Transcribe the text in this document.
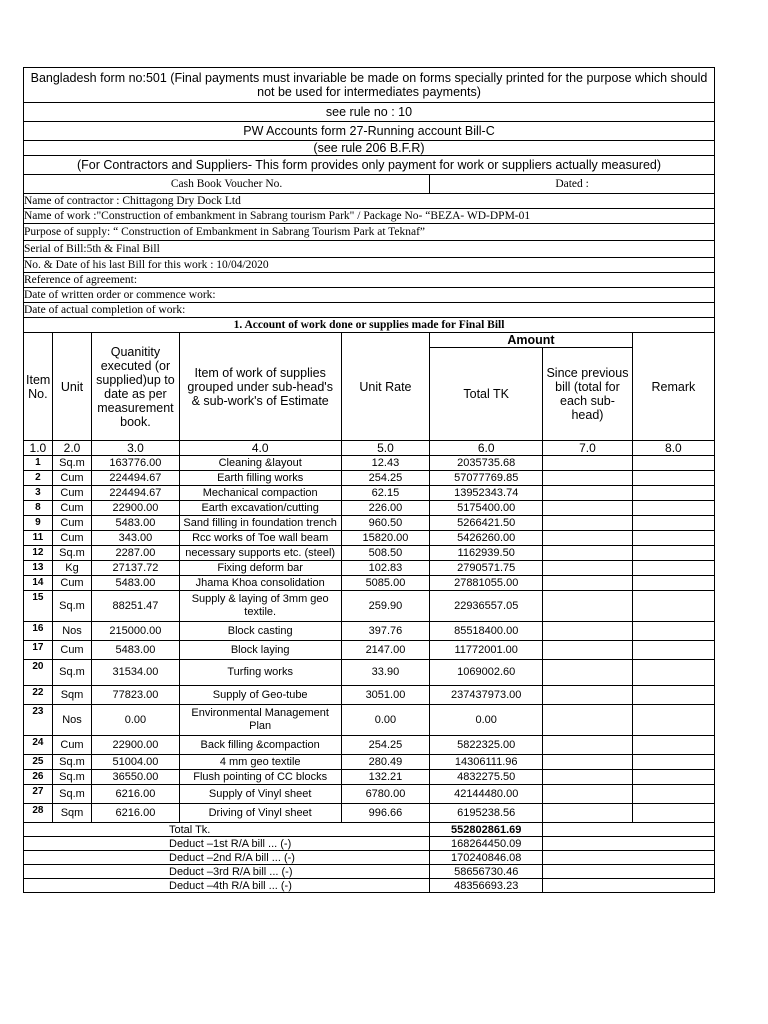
Bangladesh form no:501 (Final payments must invariable be made on forms specially printed for the purpose which should not be used for intermediates payments)							
see rule no : 10							
PW Accounts form 27-Running account Bill-C							
(see rule 206 B.F.R)							
(For Contractors and Suppliers- This form provides only payment for work or suppliers actually measured)							
Cash Book Voucher No.					Dated :		
Name of contractor : Chittagong Dry Dock Ltd							
Name of work :"Construction of embankment in Sabrang tourism Park" / Package No- “BEZA- WD-DPM-01							
Purpose of supply: “ Construction of Embankment in Sabrang Tourism Park at Teknaf”							
Serial of Bill:5th & Final Bill							
No. & Date of his last Bill for this work : 10/04/2020							
Reference of agreement:							
Date of written order or commence work:							
Date of actual completion of work:							
1. Account of work done or supplies made for Final Bill							
Item No.	Unit	Quanitity executed (or supplied)up to date as per measurement book.	Item of work of supplies grouped under sub-head's & sub-work's of Estimate	Unit Rate	Amount		Remark
					Total TK	Since previous bill (total for each sub-head)	
1.0	2.0	3.0	4.0	5.0	6.0	7.0	8.0
1	Sq.m	163776.00	Cleaning &layout	12.43	2035735.68		
2	Cum	224494.67	Earth filling works	254.25	57077769.85		
3	Cum	224494.67	Mechanical compaction	62.15	13952343.74		
8	Cum	22900.00	Earth excavation/cutting	226.00	5175400.00		
9	Cum	5483.00	Sand filling in foundation trench	960.50	5266421.50		
11	Cum	343.00	Rcc works of Toe wall beam	15820.00	5426260.00		
12	Sq.m	2287.00	necessary supports etc. (steel)	508.50	1162939.50		
13	Kg	27137.72	Fixing deform bar	102.83	2790571.75		
14	Cum	5483.00	Jhama Khoa consolidation	5085.00	27881055.00		
15	Sq.m	88251.47	Supply & laying of 3mm geo textile.	259.90	22936557.05		
16	Nos	215000.00	Block casting	397.76	85518400.00		
17	Cum	5483.00	Block laying	2147.00	11772001.00		
20	Sq.m	31534.00	Turfing works	33.90	1069002.60		
22	Sqm	77823.00	Supply of Geo-tube	3051.00	237437973.00		
23	Nos	0.00	Environmental Management Plan	0.00	0.00		
24	Cum	22900.00	Back filling &compaction	254.25	5822325.00		
25	Sq.m	51004.00	4 mm geo textile	280.49	14306111.96		
26	Sq.m	36550.00	Flush pointing of CC blocks	132.21	4832275.50		
27	Sq.m	6216.00	Supply of Vinyl sheet	6780.00	42144480.00		
28	Sqm	6216.00	Driving of Vinyl sheet	996.66	6195238.56		
Total Tk.					552802861.69		
Deduct –1st R/A bill ... (-)					168264450.09		
Deduct –2nd R/A bill ... (-)					170240846.08		
Deduct –3rd R/A bill ... (-)					58656730.46		
Deduct –4th R/A bill ... (-)					48356693.23		
